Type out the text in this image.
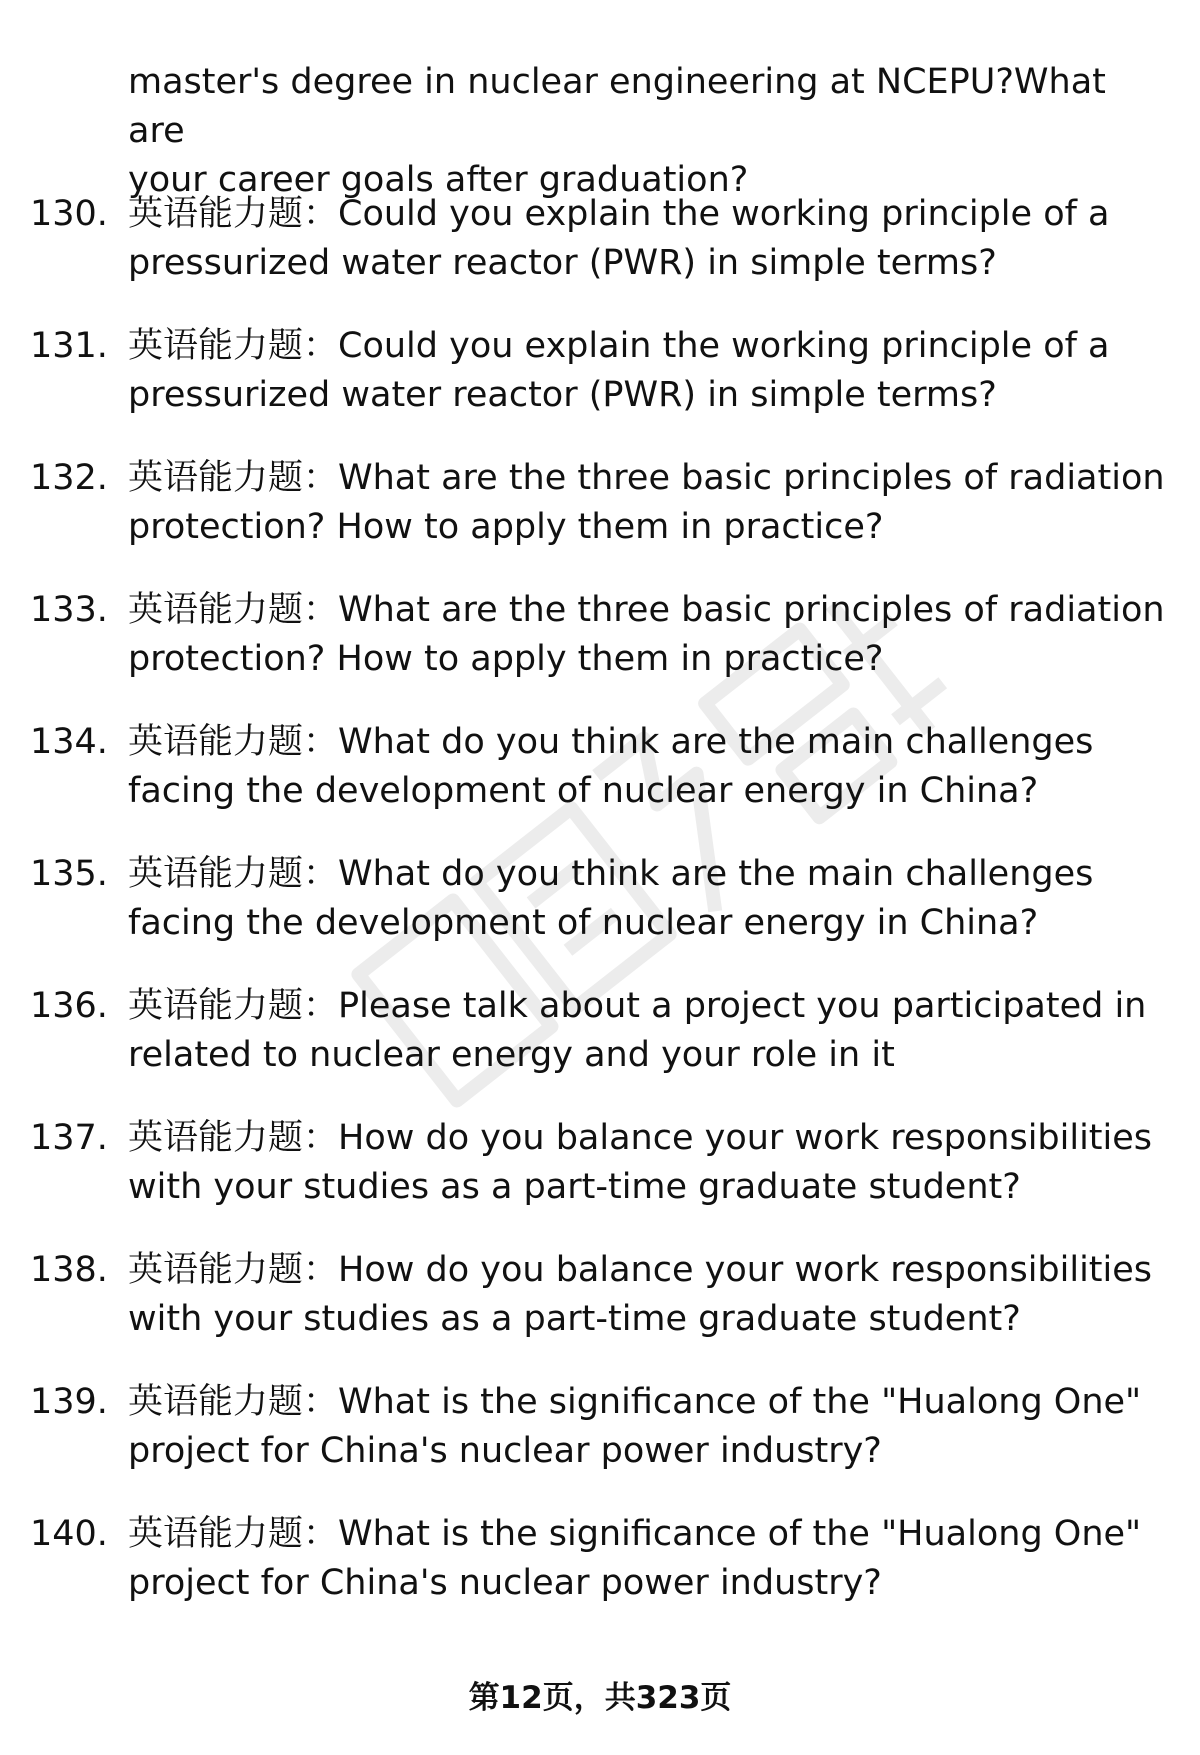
master's degree in nuclear engineering at NCEPU?What are
your career goals after graduation?
130. 英语能力题：Could you explain the working principle of a
pressurized water reactor (PWR) in simple terms?
131. 英语能力题：Could you explain the working principle of a
pressurized water reactor (PWR) in simple terms?
132. 英语能力题：What are the three basic principles of radiation
protection? How to apply them in practice?
133. 英语能力题：What are the three basic principles of radiation
protection? How to apply them in practice?
134. 英语能力题：What do you think are the main challenges
facing the development of nuclear energy in China?
135. 英语能力题：What do you think are the main challenges
facing the development of nuclear energy in China?
136. 英语能力题：Please talk about a project you participated in
related to nuclear energy and your role in it
137. 英语能力题：How do you balance your work responsibilities
with your studies as a part-time graduate student?
138. 英语能力题：How do you balance your work responsibilities
with your studies as a part-time graduate student?
139. 英语能力题：What is the significance of the "Hualong One"
project for China's nuclear power industry?
140. 英语能力题：What is the significance of the "Hualong One"
project for China's nuclear power industry?
第12页，共323页
